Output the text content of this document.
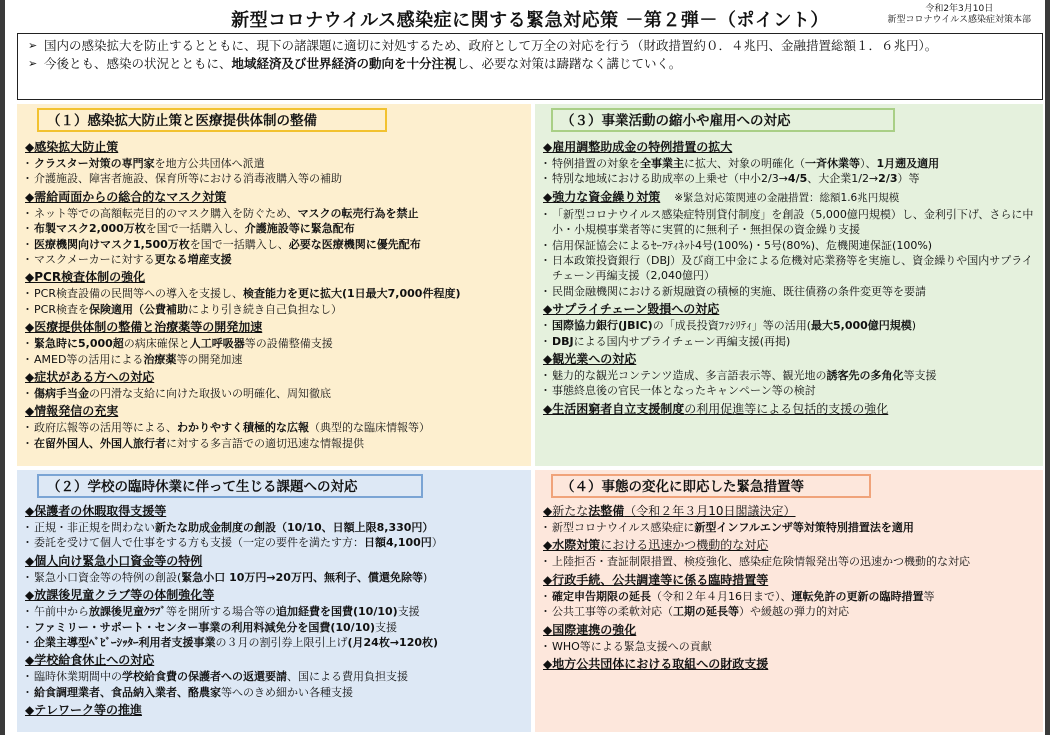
新型コロナウイルス感染症に関する緊急対応策 －第２弾－（ポイント）
令和2年3月10日
新型コロナウイルス感染症対策本部
➢ 国内の感染拡大を防止するとともに、現下の諸課題に適切に対処するため、政府として万全の対応を行う（財政措置約０．４兆円、金融措置総額１．６兆円）。
➢ 今後とも、感染の状況とともに、地域経済及び世界経済の動向を十分注視し、必要な対策は躊躇なく講じていく。
（１）感染拡大防止策と医療提供体制の整備
◆感染拡大防止策
・ クラスター対策の専門家を地方公共団体へ派遣
・ 介護施設、障害者施設、保育所等における消毒液購入等の補助
◆需給両面からの総合的なマスク対策
・ ネット等での高額転売目的のマスク購入を防ぐため、マスクの転売行為を禁止
・ 布製マスク2,000万枚を国で一括購入し、介護施設等に緊急配布
・ 医療機関向けマスク1,500万枚を国で一括購入し、必要な医療機関に優先配布
・ マスクメーカーに対する更なる増産支援
◆PCR検査体制の強化
・ PCR検査設備の民間等への導入を支援し、検査能力を更に拡大(1日最大7,000件程度)
・ PCR検査を保険適用（公費補助により引き続き自己負担なし）
◆医療提供体制の整備と治療薬等の開発加速
・ 緊急時に5,000超の病床確保と人工呼吸器等の設備整備支援
・ AMED等の活用による治療薬等の開発加速
◆症状がある方への対応
・ 傷病手当金の円滑な支給に向けた取扱いの明確化、周知徹底
◆情報発信の充実
・ 政府広報等の活用等による、わかりやすく積極的な広報（典型的な臨床情報等）
・ 在留外国人、外国人旅行者に対する多言語での適切迅速な情報提供
（３）事業活動の縮小や雇用への対応
◆雇用調整助成金の特例措置の拡大
・ 特例措置の対象を全事業主に拡大、対象の明確化（一斉休業等）、1月遡及適用
・ 特別な地域における助成率の上乗せ（中小2/3→4/5、大企業1/2→2/3）等
◆強力な資金繰り対策 ※緊急対応策関連の金融措置：総額1.6兆円規模
・ 「新型コロナウイルス感染症特別貸付制度」を創設（5,000億円規模）し、金利引下げ、さらに中小・小規模事業者等に実質的に無利子・無担保の資金繰り支援
・ 信用保証協会によるｾｰﾌﾃｨﾈｯﾄ4号(100%)・5号(80%)、危機関連保証(100%)
・ 日本政策投資銀行（DBJ）及び商工中金による危機対応業務等を実施し、資金繰りや国内サプライチェーン再編支援（2,040億円）
・ 民間金融機関における新規融資の積極的実施、既往債務の条件変更等を要請
◆サプライチェーン毀損への対応
・ 国際協力銀行(JBIC)の「成長投資ﾌｧｼﾘﾃｨ」等の活用(最大5,000億円規模)
・ DBJによる国内サプライチェーン再編支援(再掲)
◆観光業への対応
・ 魅力的な観光コンテンツ造成、多言語表示等、観光地の誘客先の多角化等支援
・ 事態終息後の官民一体となったキャンペーン等の検討
◆生活困窮者自立支援制度の利用促進等による包括的支援の強化
（２）学校の臨時休業に伴って生じる課題への対応
◆保護者の休暇取得支援等
・ 正規・非正規を問わない新たな助成金制度の創設（10/10、日額上限8,330円）
・ 委託を受けて個人で仕事をする方も支援（一定の要件を満たす方：日額4,100円）
◆個人向け緊急小口資金等の特例
・ 緊急小口資金等の特例の創設(緊急小口 10万円→20万円、無利子、償還免除等)
◆放課後児童クラブ等の体制強化等
・ 午前中から放課後児童ｸﾗﾌﾞ等を開所する場合等の追加経費を国費(10/10)支援
・ ファミリー・サポート・センター事業の利用料減免分を国費(10/10)支援
・ 企業主導型ﾍﾞﾋﾞｰｼｯﾀｰ利用者支援事業の３月の割引券上限引上げ(月24枚→120枚)
◆学校給食休止への対応
・ 臨時休業期間中の学校給食費の保護者への返還要請、国による費用負担支援
・ 給食調理業者、食品納入業者、酪農家等へのきめ細かい各種支援
◆テレワーク等の推進
（４）事態の変化に即応した緊急措置等
◆新たな法整備（令和２年３月10日閣議決定）
・ 新型コロナウイルス感染症に新型インフルエンザ等対策特別措置法を適用
◆水際対策における迅速かつ機動的な対応
・ 上陸拒否・査証制限措置、検疫強化、感染症危険情報発出等の迅速かつ機動的な対応
◆行政手続、公共調達等に係る臨時措置等
・ 確定申告期限の延長（令和２年４月16日まで）、運転免許の更新の臨時措置等
・ 公共工事等の柔軟対応（工期の延長等）や緩越の弾力的対応
◆国際連携の強化
・ WHO等による緊急支援への貢献
◆地方公共団体における取組への財政支援
